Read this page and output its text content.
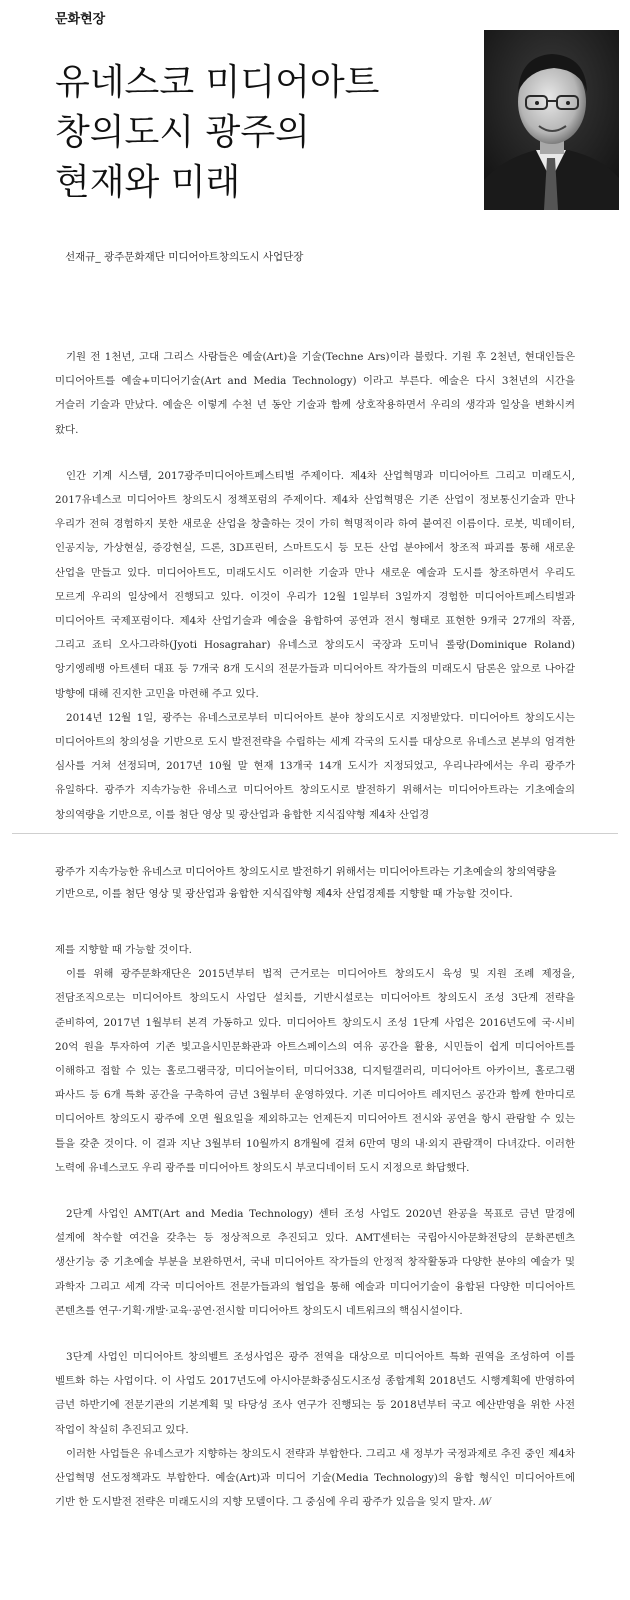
문화현장
유네스코 미디어아트
창의도시 광주의
현재와 미래
선재규_ 광주문화재단 미디어아트창의도시 사업단장

기원 전 1천년, 고대 그리스 사람들은 예술(Art)을 기술(Techne Ars)이라 불렀다. 기원 후 2천년, 현대인들은 미디어아트를 예술+미디어기술(Art and Media Technology) 이라고 부른다. 예술은 다시 3천년의 시간을 거슬러 기술과 만났다. 예술은 이렇게 수천 년 동안 기술과 함께 상호작용하면서 우리의 생각과 일상을 변화시켜 왔다.

인간 기계 시스템, 2017광주미디어아트페스티벌 주제이다. 제4차 산업혁명과 미디어아트 그리고 미래도시, 2017유네스코 미디어아트 창의도시 정책포럼의 주제이다. 제4차 산업혁명은 기존 산업이 정보통신기술과 만나 우리가 전혀 경험하지 못한 새로운 산업을 창출하는 것이 가히 혁명적이라 하여 붙여진 이름이다. 로봇, 빅데이터, 인공지능, 가상현실, 증강현실, 드론, 3D프린터, 스마트도시 등 모든 산업 분야에서 창조적 파괴를 통해 새로운 산업을 만들고 있다. 미디어아트도, 미래도시도 이러한 기술과 만나 새로운 예술과 도시를 창조하면서 우리도 모르게 우리의 일상에서 진행되고 있다. 이것이 우리가 12월 1일부터 3일까지 경험한 미디어아트페스티벌과 미디어아트 국제포럼이다. 제4차 산업기술과 예술을 융합하여 공연과 전시 형태로 표현한 9개국 27개의 작품, 그리고 죠티 오사그라하(Jyoti Hosagrahar) 유네스코 창의도시 국장과 도미닉 롤랑(Dominique Roland) 앙기엥레뱅 아트센터 대표 등 7개국 8개 도시의 전문가들과 미디어아트 작가들의 미래도시 담론은 앞으로 나아갈 방향에 대해 진지한 고민을 마련해 주고 있다.

2014년 12월 1일, 광주는 유네스코로부터 미디어아트 분야 창의도시로 지정받았다. 미디어아트 창의도시는 미디어아트의 창의성을 기반으로 도시 발전전략을 수립하는 세계 각국의 도시를 대상으로 유네스코 본부의 엄격한 심사를 거쳐 선정되며, 2017년 10월 말 현재 13개국 14개 도시가 지정되었고, 우리나라에서는 우리 광주가 유일하다. 광주가 지속가능한 유네스코 미디어아트 창의도시로 발전하기 위해서는 미디어아트라는 기초예술의 창의역량을 기반으로, 이를 첨단 영상 및 광산업과 융합한 지식집약형 제4차 산업경

광주가 지속가능한 유네스코 미디어아트 창의도시로 발전하기 위해서는 미디어아트라는 기초예술의 창의역량을 기반으로, 이를 첨단 영상 및 광산업과 융합한 지식집약형 제4차 산업경제를 지향할 때 가능할 것이다.

제를 지향할 때 가능할 것이다.

이를 위해 광주문화재단은 2015년부터 법적 근거로는 미디어아트 창의도시 육성 및 지원 조례 제정을, 전담조직으로는 미디어아트 창의도시 사업단 설치를, 기반시설로는 미디어아트 창의도시 조성 3단계 전략을 준비하여, 2017년 1월부터 본격 가동하고 있다. 미디어아트 창의도시 조성 1단계 사업은 2016년도에 국·시비 20억 원을 투자하여 기존 빛고을시민문화관과 아트스페이스의 여유 공간을 활용, 시민들이 쉽게 미디어아트를 이해하고 접할 수 있는 홀로그램극장, 미디어놀이터, 미디어338, 디지털갤러리, 미디어아트 아카이브, 홀로그램 파사드 등 6개 특화 공간을 구축하여 금년 3월부터 운영하였다. 기존 미디어아트 레지던스 공간과 함께 한마디로 미디어아트 창의도시 광주에 오면 월요일을 제외하고는 언제든지 미디어아트 전시와 공연을 항시 관람할 수 있는 틀을 갖춘 것이다. 이 결과 지난 3월부터 10월까지 8개월에 걸쳐 6만여 명의 내·외지 관람객이 다녀갔다. 이러한 노력에 유네스코도 우리 광주를 미디어아트 창의도시 부코디네이터 도시 지정으로 화답했다.

2단계 사업인 AMT(Art and Media Technology) 센터 조성 사업도 2020년 완공을 목표로 금년 말경에 설계에 착수할 여건을 갖추는 등 정상적으로 추진되고 있다. AMT센터는 국립아시아문화전당의 문화콘텐츠 생산기능 중 기초예술 부분을 보완하면서, 국내 미디어아트 작가들의 안정적 창작활동과 다양한 분야의 예술가 및 과학자 그리고 세계 각국 미디어아트 전문가들과의 협업을 통해 예술과 미디어기술이 융합된 다양한 미디어아트 콘텐츠를 연구·기획·개발·교육·공연·전시할 미디어아트 창의도시 네트워크의 핵심시설이다.

3단계 사업인 미디어아트 창의벨트 조성사업은 광주 전역을 대상으로 미디어아트 특화 권역을 조성하여 이를 벨트화 하는 사업이다. 이 사업도 2017년도에 아시아문화중심도시조성 종합계획 2018년도 시행계획에 반영하여 금년 하반기에 전문기관의 기본계획 및 타당성 조사 연구가 진행되는 등 2018년부터 국고 예산반영을 위한 사전 작업이 착실히 추진되고 있다.

이러한 사업들은 유네스코가 지향하는 창의도시 전략과 부합한다. 그리고 새 정부가 국정과제로 추진 중인 제4차 산업혁명 선도정책과도 부합한다. 예술(Art)과 미디어 기술(Media Technology)의 융합 형식인 미디어아트에 기반 한 도시발전 전략은 미래도시의 지향 모델이다. 그 중심에 우리 광주가 있음을 잊지 말자. ꟿ
